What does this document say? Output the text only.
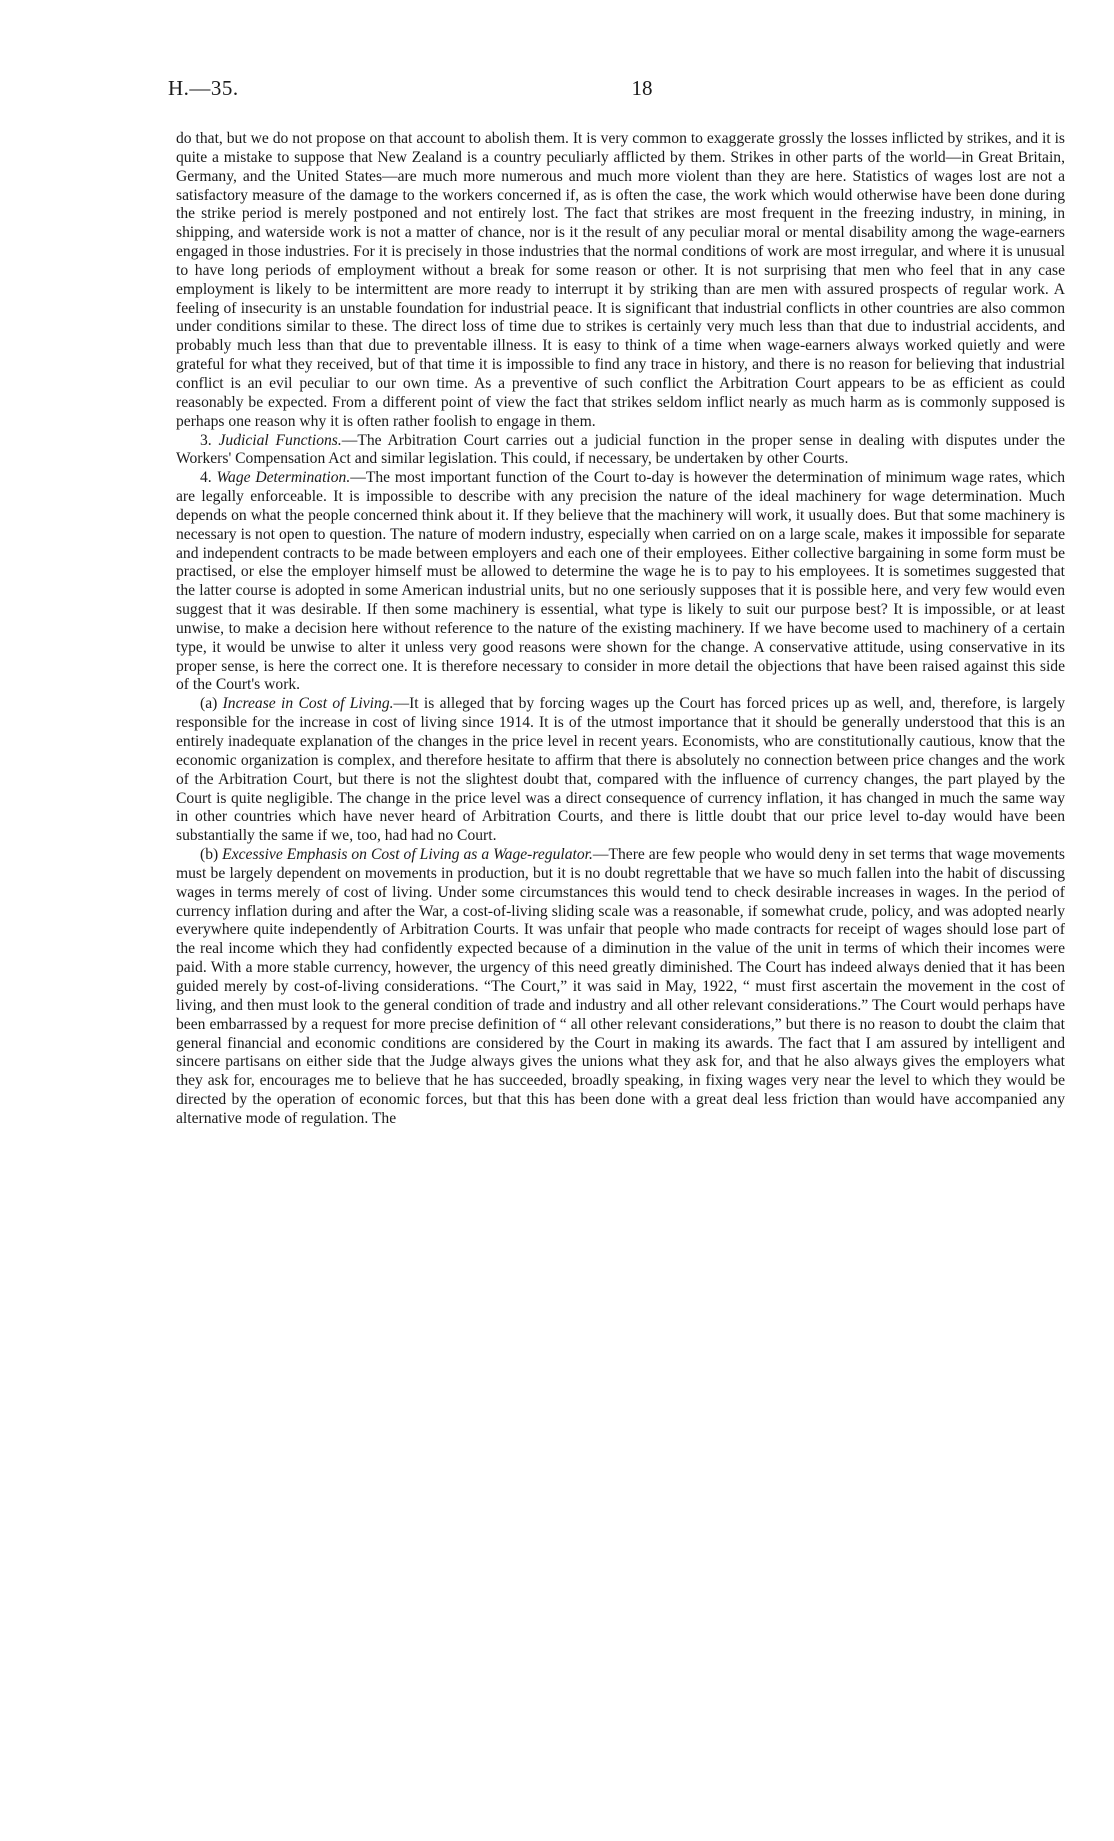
H.—35.	18

do that, but we do not propose on that account to abolish them. It is very common to exaggerate grossly the losses inflicted by strikes, and it is quite a mistake to suppose that New Zealand is a country peculiarly afflicted by them. Strikes in other parts of the world—in Great Britain, Germany, and the United States—are much more numerous and much more violent than they are here. Statistics of wages lost are not a satisfactory measure of the damage to the workers concerned if, as is often the case, the work which would otherwise have been done during the strike period is merely postponed and not entirely lost. The fact that strikes are most frequent in the freezing industry, in mining, in shipping, and waterside work is not a matter of chance, nor is it the result of any peculiar moral or mental disability among the wage-earners engaged in those industries. For it is precisely in those industries that the normal conditions of work are most irregular, and where it is unusual to have long periods of employment without a break for some reason or other. It is not surprising that men who feel that in any case employment is likely to be intermittent are more ready to interrupt it by striking than are men with assured prospects of regular work. A feeling of insecurity is an unstable foundation for industrial peace. It is significant that industrial conflicts in other countries are also common under conditions similar to these. The direct loss of time due to strikes is certainly very much less than that due to industrial accidents, and probably much less than that due to preventable illness. It is easy to think of a time when wage-earners always worked quietly and were grateful for what they received, but of that time it is impossible to find any trace in history, and there is no reason for believing that industrial conflict is an evil peculiar to our own time. As a preventive of such conflict the Arbitration Court appears to be as efficient as could reasonably be expected. From a different point of view the fact that strikes seldom inflict nearly as much harm as is commonly supposed is perhaps one reason why it is often rather foolish to engage in them.

3. Judicial Functions.—The Arbitration Court carries out a judicial function in the proper sense in dealing with disputes under the Workers' Compensation Act and similar legislation. This could, if necessary, be undertaken by other Courts.

4. Wage Determination.—The most important function of the Court to-day is however the determination of minimum wage rates, which are legally enforceable. It is impossible to describe with any precision the nature of the ideal machinery for wage determination. Much depends on what the people concerned think about it. If they believe that the machinery will work, it usually does. But that some machinery is necessary is not open to question. The nature of modern industry, especially when carried on on a large scale, makes it impossible for separate and independent contracts to be made between employers and each one of their employees. Either collective bargaining in some form must be practised, or else the employer himself must be allowed to determine the wage he is to pay to his employees. It is sometimes suggested that the latter course is adopted in some American industrial units, but no one seriously supposes that it is possible here, and very few would even suggest that it was desirable. If then some machinery is essential, what type is likely to suit our purpose best? It is impossible, or at least unwise, to make a decision here without reference to the nature of the existing machinery. If we have become used to machinery of a certain type, it would be unwise to alter it unless very good reasons were shown for the change. A conservative attitude, using conservative in its proper sense, is here the correct one. It is therefore necessary to consider in more detail the objections that have been raised against this side of the Court's work.

(a) Increase in Cost of Living.—It is alleged that by forcing wages up the Court has forced prices up as well, and, therefore, is largely responsible for the increase in cost of living since 1914. It is of the utmost importance that it should be generally understood that this is an entirely inadequate explanation of the changes in the price level in recent years. Economists, who are constitutionally cautious, know that the economic organization is complex, and therefore hesitate to affirm that there is absolutely no connection between price changes and the work of the Arbitration Court, but there is not the slightest doubt that, compared with the influence of currency changes, the part played by the Court is quite negligible. The change in the price level was a direct consequence of currency inflation, it has changed in much the same way in other countries which have never heard of Arbitration Courts, and there is little doubt that our price level to-day would have been substantially the same if we, too, had had no Court.

(b) Excessive Emphasis on Cost of Living as a Wage-regulator.—There are few people who would deny in set terms that wage movements must be largely dependent on movements in production, but it is no doubt regrettable that we have so much fallen into the habit of discussing wages in terms merely of cost of living. Under some circumstances this would tend to check desirable increases in wages. In the period of currency inflation during and after the War, a cost-of-living sliding scale was a reasonable, if somewhat crude, policy, and was adopted nearly everywhere quite independently of Arbitration Courts. It was unfair that people who made contracts for receipt of wages should lose part of the real income which they had confidently expected because of a diminution in the value of the unit in terms of which their incomes were paid. With a more stable currency, however, the urgency of this need greatly diminished. The Court has indeed always denied that it has been guided merely by cost-of-living considerations. “The Court,” it was said in May, 1922, “ must first ascertain the movement in the cost of living, and then must look to the general condition of trade and industry and all other relevant considerations.” The Court would perhaps have been embarrassed by a request for more precise definition of “ all other relevant considerations,” but there is no reason to doubt the claim that general financial and economic conditions are considered by the Court in making its awards. The fact that I am assured by intelligent and sincere partisans on either side that the Judge always gives the unions what they ask for, and that he also always gives the employers what they ask for, encourages me to believe that he has succeeded, broadly speaking, in fixing wages very near the level to which they would be directed by the operation of economic forces, but that this has been done with a great deal less friction than would have accompanied any alternative mode of regulation. The
